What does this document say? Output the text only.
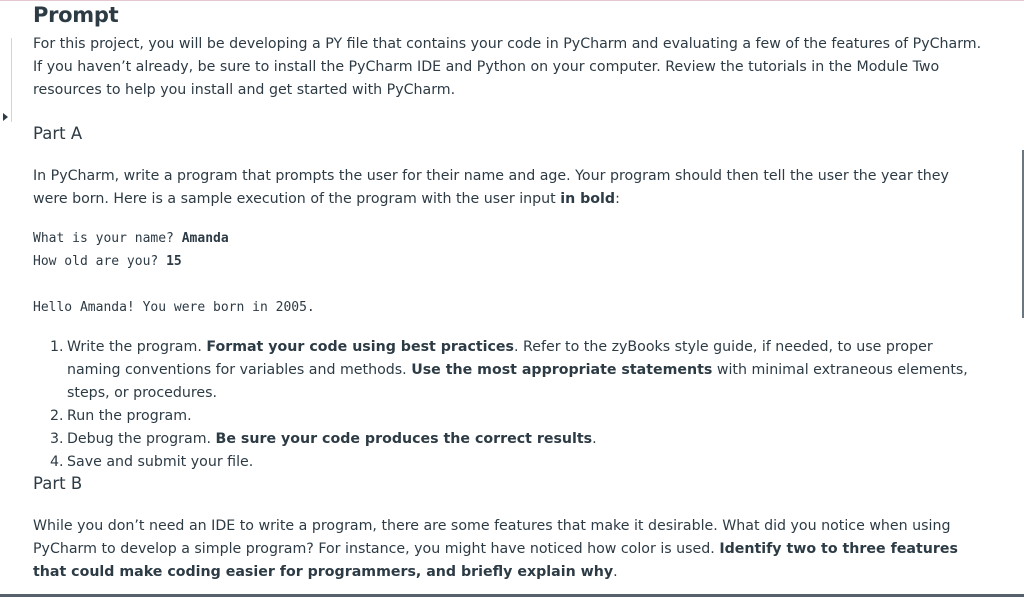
Prompt

For this project, you will be developing a PY file that contains your code in PyCharm and evaluating a few of the features of PyCharm. If you haven’t already, be sure to install the PyCharm IDE and Python on your computer. Review the tutorials in the Module Two resources to help you install and get started with PyCharm.

Part A

In PyCharm, write a program that prompts the user for their name and age. Your program should then tell the user the year they were born. Here is a sample execution of the program with the user input in bold:

What is your name? Amanda
How old are you? 15
Hello Amanda! You were born in 2005.
1. Write the program. Format your code using best practices. Refer to the zyBooks style guide, if needed, to use proper naming conventions for variables and methods. Use the most appropriate statements with minimal extraneous elements, steps, or procedures.
2. Run the program.
3. Debug the program. Be sure your code produces the correct results.
4. Save and submit your file.
Part B

While you don’t need an IDE to write a program, there are some features that make it desirable. What did you notice when using PyCharm to develop a simple program? For instance, you might have noticed how color is used. Identify two to three features that could make coding easier for programmers, and briefly explain why.
